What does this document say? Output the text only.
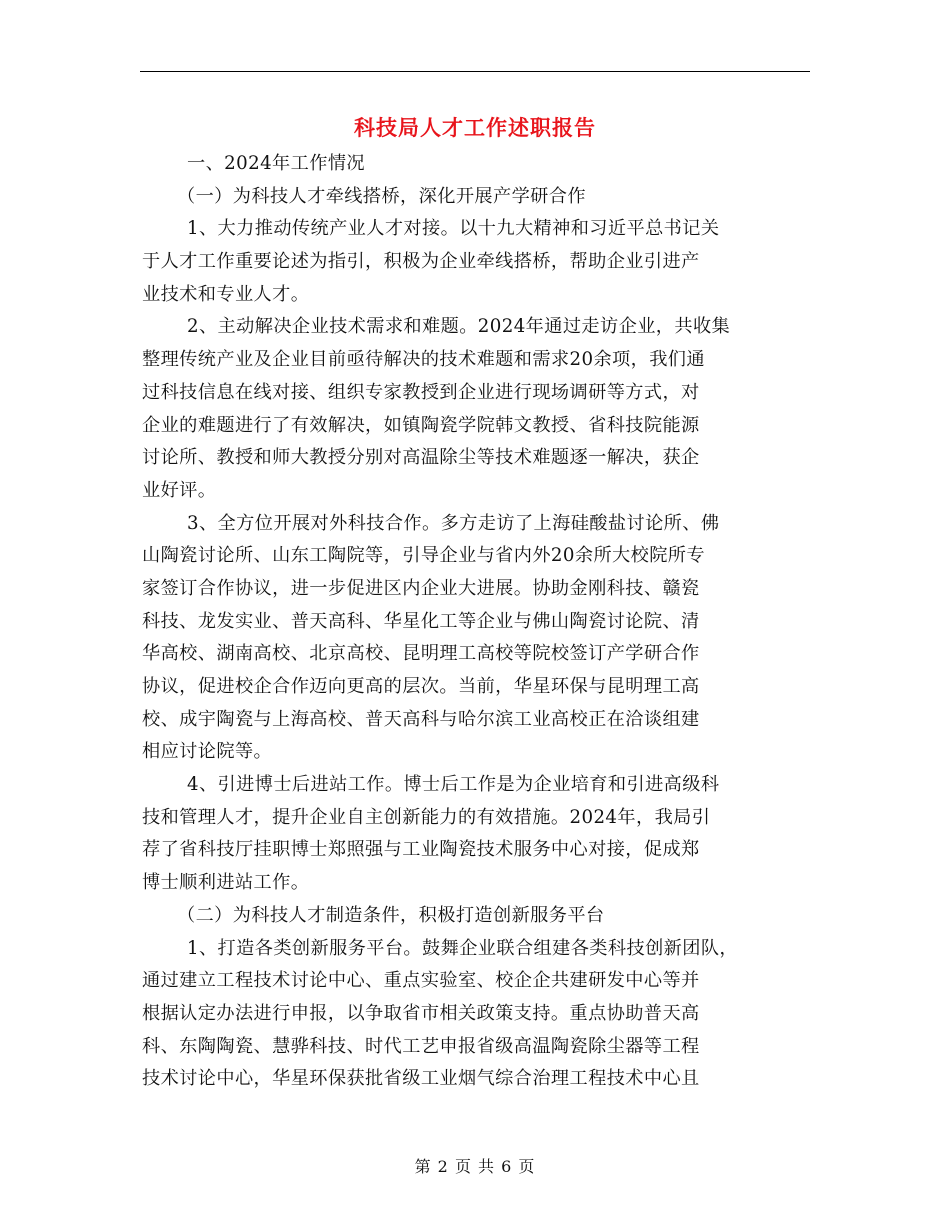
科技局人才工作述职报告
一、2024年工作情况
（一）为科技人才牵线搭桥，深化开展产学研合作
1、大力推动传统产业人才对接。以十九大精神和习近平总书记关
于人才工作重要论述为指引，积极为企业牵线搭桥，帮助企业引进产
业技术和专业人才。
2、主动解决企业技术需求和难题。2024年通过走访企业，共收集
整理传统产业及企业目前亟待解决的技术难题和需求20余项，我们通
过科技信息在线对接、组织专家教授到企业进行现场调研等方式，对
企业的难题进行了有效解决，如镇陶瓷学院韩文教授、省科技院能源
讨论所、教授和师大教授分别对高温除尘等技术难题逐一解决，获企
业好评。
3、全方位开展对外科技合作。多方走访了上海硅酸盐讨论所、佛
山陶瓷讨论所、山东工陶院等，引导企业与省内外20余所大校院所专
家签订合作协议，进一步促进区内企业大进展。协助金刚科技、赣瓷
科技、龙发实业、普天高科、华星化工等企业与佛山陶瓷讨论院、清
华高校、湖南高校、北京高校、昆明理工高校等院校签订产学研合作
协议，促进校企合作迈向更高的层次。当前，华星环保与昆明理工高
校、成宇陶瓷与上海高校、普天高科与哈尔滨工业高校正在洽谈组建
相应讨论院等。
4、引进博士后进站工作。博士后工作是为企业培育和引进高级科
技和管理人才，提升企业自主创新能力的有效措施。2024年，我局引
荐了省科技厅挂职博士郑照强与工业陶瓷技术服务中心对接，促成郑
博士顺利进站工作。
（二）为科技人才制造条件，积极打造创新服务平台
1、打造各类创新服务平台。鼓舞企业联合组建各类科技创新团队，
通过建立工程技术讨论中心、重点实验室、校企企共建研发中心等并
根据认定办法进行申报，以争取省市相关政策支持。重点协助普天高
科、东陶陶瓷、慧骅科技、时代工艺申报省级高温陶瓷除尘器等工程
技术讨论中心，华星环保获批省级工业烟气综合治理工程技术中心且
第 2 页 共 6 页
